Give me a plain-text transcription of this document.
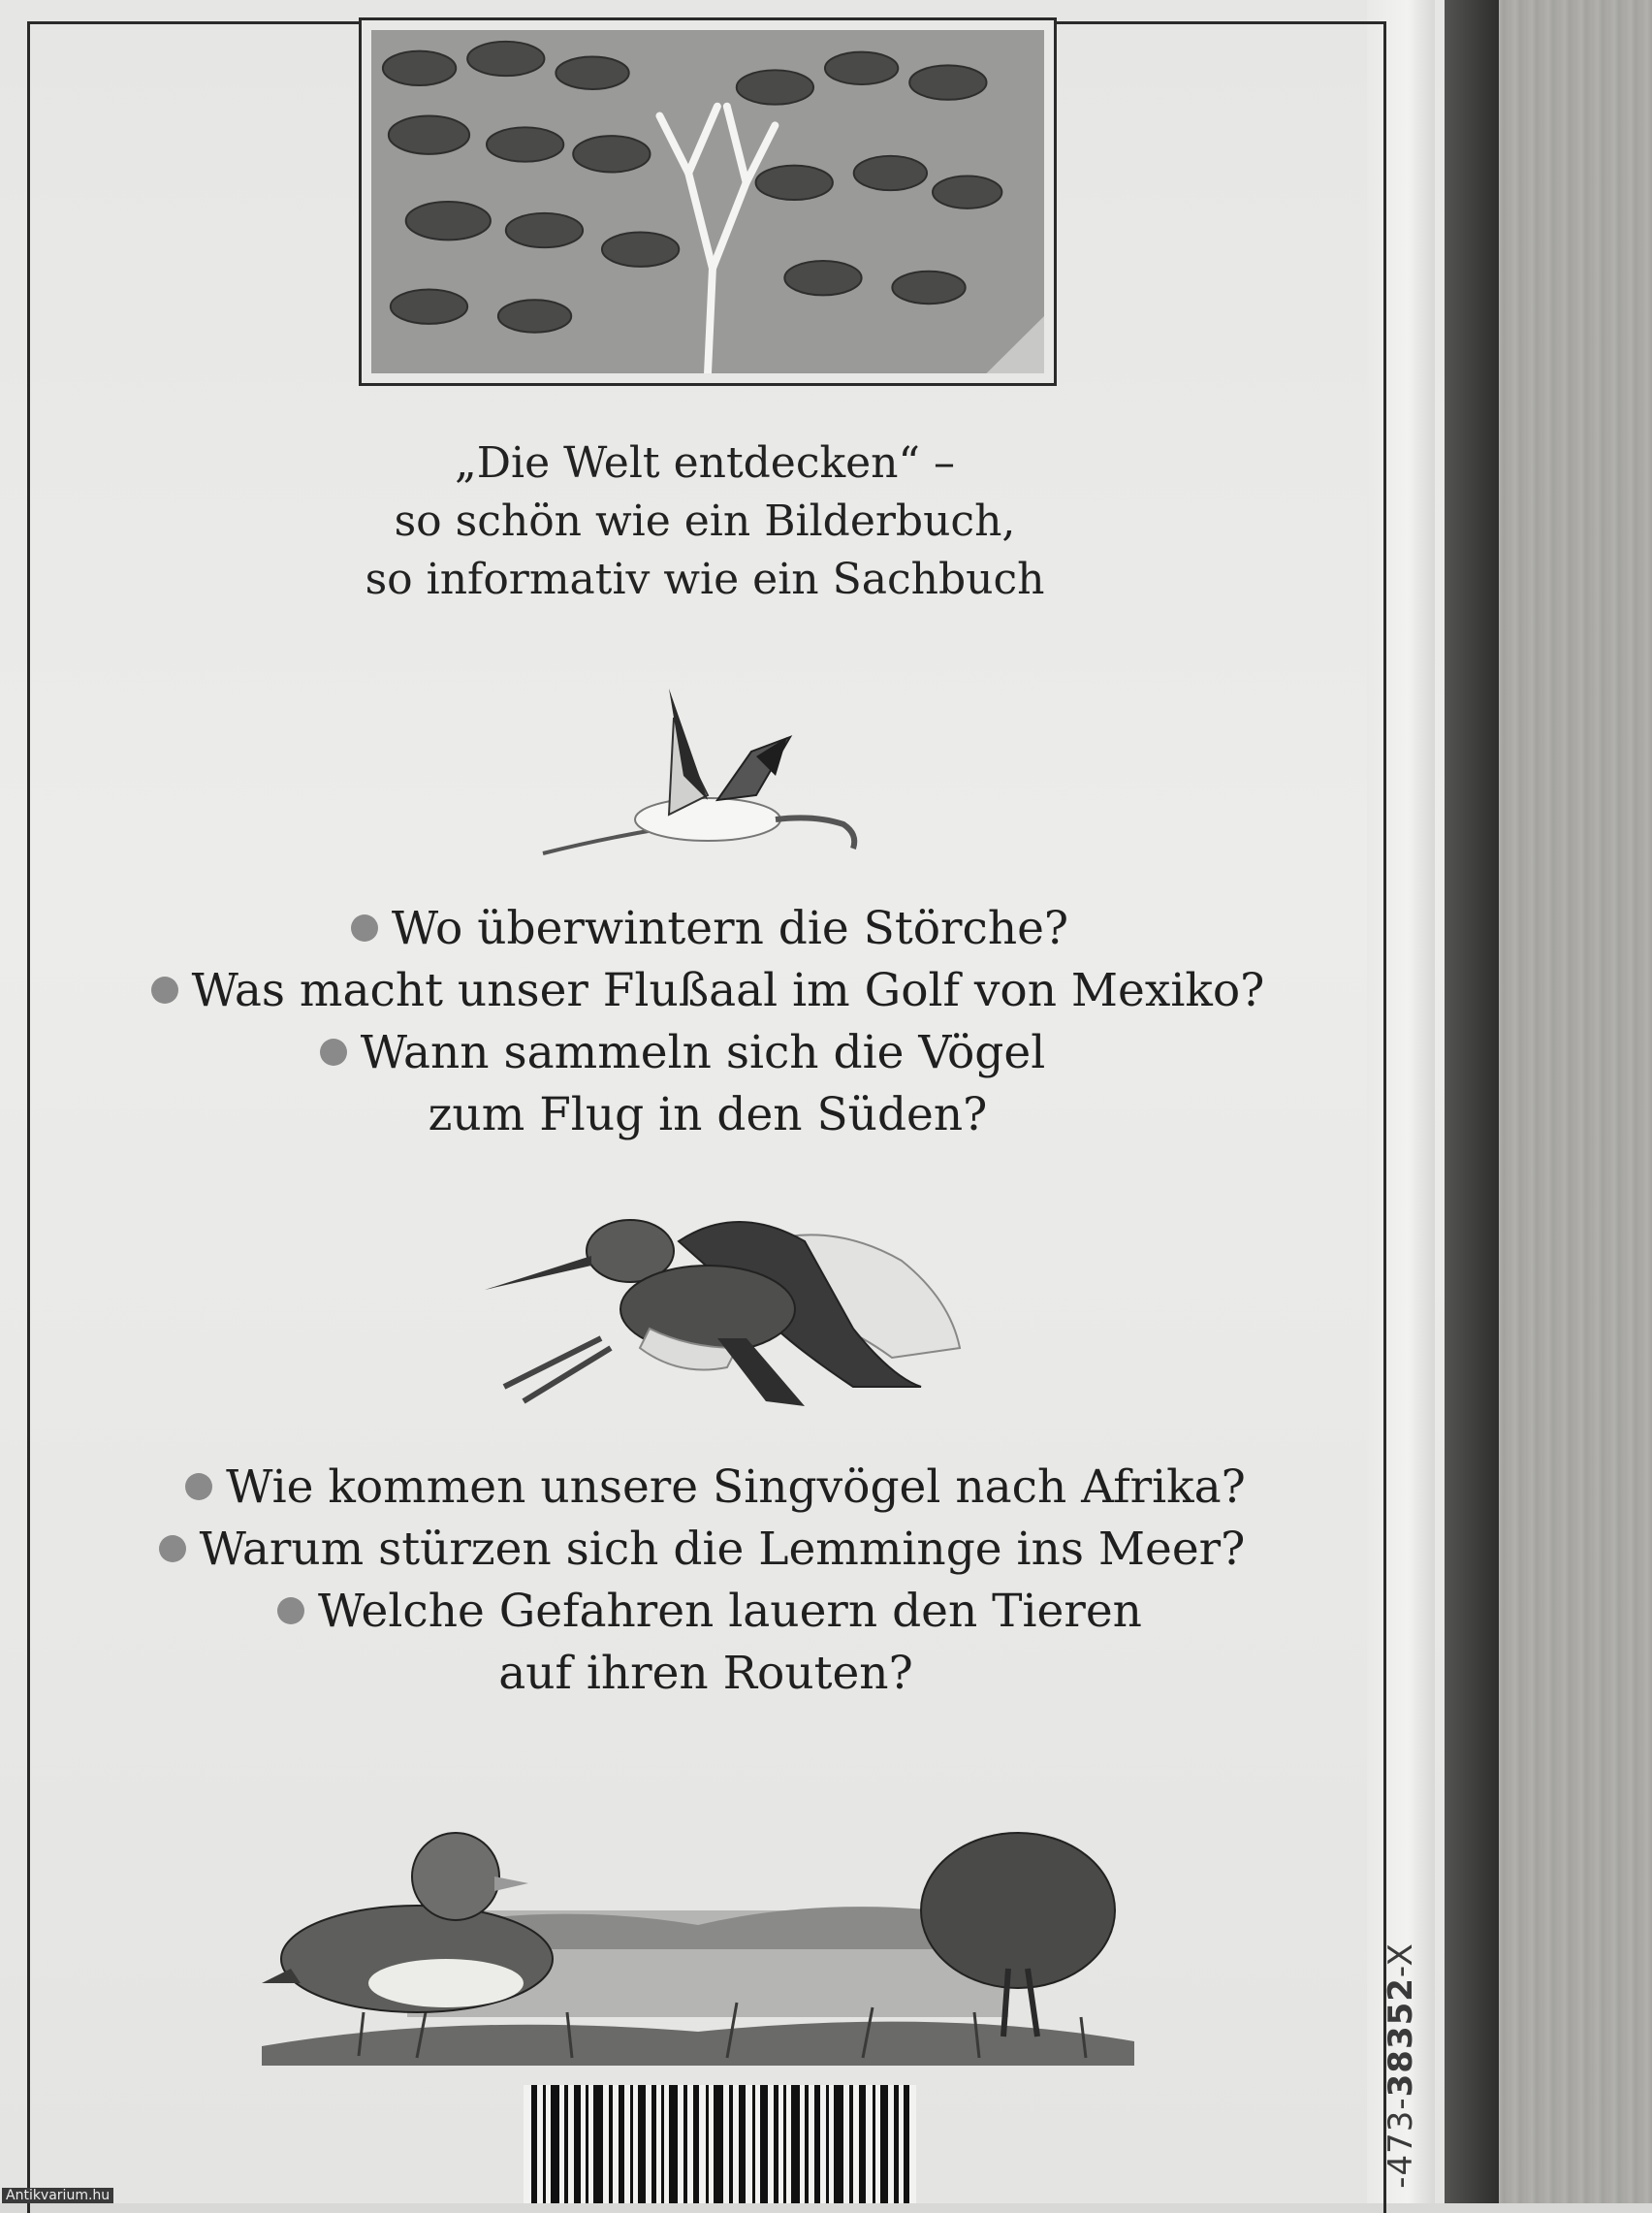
„Die Welt entdecken“ –
so schön wie ein Bilderbuch,
so informativ wie ein Sachbuch
Wo überwintern die Störche?
Was macht unser Flußaal im Golf von Mexiko?
Wann sammeln sich die Vögel
zum Flug in den Süden?
Wie kommen unsere Singvögel nach Afrika?
Warum stürzen sich die Lemminge ins Meer?
Welche Gefahren lauern den Tieren
auf ihren Routen?
-473-38352-X
Antikvarium.hu
